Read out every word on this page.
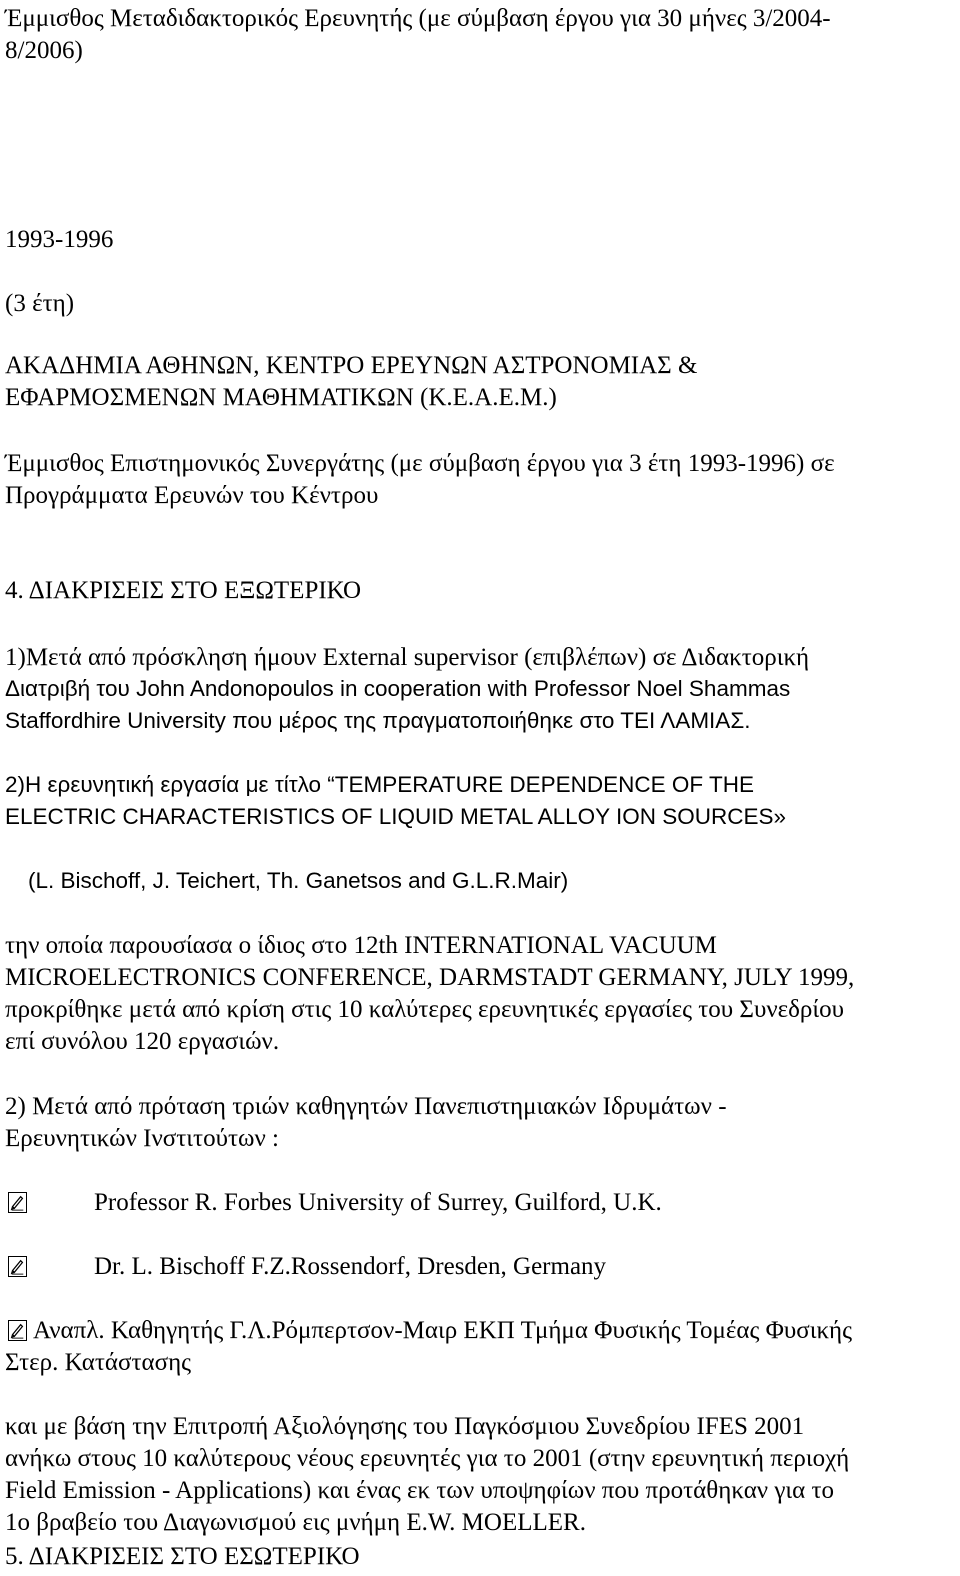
Έμμισθος Μεταδιδακτορικός Ερευνητής (με σύμβαση έργου για 30 μήνες 3/2004-
8/2006)
1993-1996
(3 έτη)
ΑΚΑΔΗΜΙΑ ΑΘΗΝΩΝ, ΚΕΝΤΡΟ ΕΡΕΥΝΩΝ ΑΣΤΡΟΝΟΜΙΑΣ &
ΕΦΑΡΜΟΣΜΕΝΩΝ ΜΑΘΗΜΑΤΙΚΩΝ (Κ.Ε.Α.Ε.Μ.)
Έμμισθος Επιστημονικός Συνεργάτης (με σύμβαση έργου για 3 έτη 1993-1996) σε
Προγράμματα Ερευνών του Κέντρου
4. ΔΙΑΚΡΙΣΕΙΣ ΣΤΟ ΕΞΩΤΕΡΙΚΟ
1)Μετά από πρόσκληση ήμουν External supervisor (επιβλέπων) σε Διδακτορική
Διατριβή του John Andonopoulos in cooperation with Professor Noel Shammas
Staffordhire University που μέρος της πραγματοποιήθηκε στο ΤΕΙ ΛΑΜΙΑΣ.
2)Η ερευνητική εργασία με τίτλο “TEMPERATURE DEPENDENCE OF THE
ELECTRIC CHARACTERISTICS OF LIQUID METAL ALLOY ION SOURCES»
(L. Bischoff, J. Teichert, Th. Ganetsos and G.L.R.Mair)
την οποία παρουσίασα ο ίδιος στο 12th INTERNATIONAL VACUUM
MICROELECTRONICS CONFERENCE, DARMSTADT GERMANY, JULY 1999,
προκρίθηκε μετά από κρίση στις 10 καλύτερες ερευνητικές εργασίες του Συνεδρίου
επί συνόλου 120 εργασιών.
2) Μετά από πρόταση τριών καθηγητών Πανεπιστημιακών Ιδρυμάτων -
Ερευνητικών Ινστιτούτων :
Professor R. Forbes University of Surrey, Guilford, U.K.
Dr. L. Bischoff F.Z.Rossendorf, Dresden, Germany
Αναπλ. Καθηγητής Γ.Λ.Ρόμπερτσον-Μαιρ ΕΚΠ Τμήμα Φυσικής Τομέας Φυσικής
Στερ. Κατάστασης
και με βάση την Επιτροπή Αξιολόγησης του Παγκόσμιου Συνεδρίου IFES 2001
ανήκω στους 10 καλύτερους νέους ερευνητές για το 2001 (στην ερευνητική περιοχή
Field Emission - Applications) και ένας εκ των υποψηφίων που προτάθηκαν για το
1ο βραβείο του Διαγωνισμού εις μνήμη E.W. MOELLER.
5. ΔΙΑΚΡΙΣΕΙΣ ΣΤΟ ΕΣΩΤΕΡΙΚΟ
